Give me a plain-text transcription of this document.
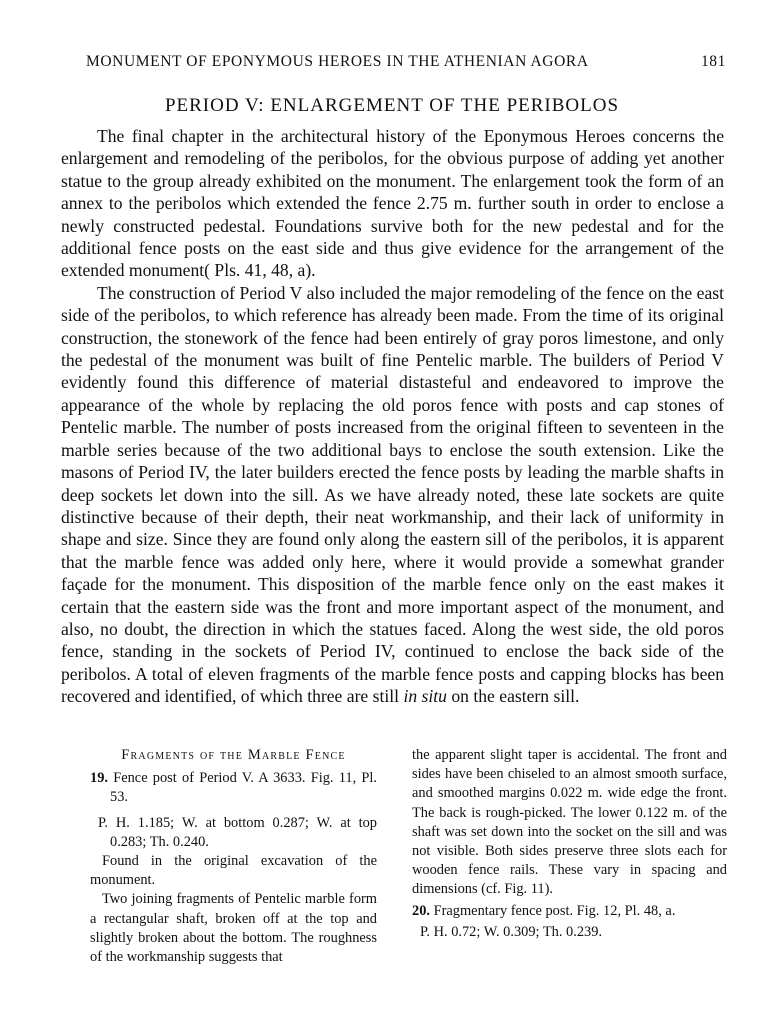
MONUMENT OF EPONYMOUS HEROES IN THE ATHENIAN AGORA	181
PERIOD V: ENLARGEMENT OF THE PERIBOLOS

The final chapter in the architectural history of the Eponymous Heroes concerns the enlargement and remodeling of the peribolos, for the obvious purpose of adding yet another statue to the group already exhibited on the monument. The enlargement took the form of an annex to the peribolos which extended the fence 2.75 m. further south in order to enclose a newly constructed pedestal. Foundations survive both for the new pedestal and for the additional fence posts on the east side and thus give evidence for the arrangement of the extended monument( Pls. 41, 48, a).

The construction of Period V also included the major remodeling of the fence on the east side of the peribolos, to which reference has already been made. From the time of its original construction, the stonework of the fence had been entirely of gray poros limestone, and only the pedestal of the monument was built of fine Pentelic marble. The builders of Period V evidently found this difference of material distasteful and endeavored to improve the appearance of the whole by replacing the old poros fence with posts and cap stones of Pentelic marble. The number of posts increased from the original fifteen to seventeen in the marble series because of the two additional bays to enclose the south extension. Like the masons of Period IV, the later builders erected the fence posts by leading the marble shafts in deep sockets let down into the sill. As we have already noted, these late sockets are quite distinctive because of their depth, their neat workmanship, and their lack of uniformity in shape and size. Since they are found only along the eastern sill of the peribolos, it is apparent that the marble fence was added only here, where it would provide a somewhat grander façade for the monument. This disposition of the marble fence only on the east makes it certain that the eastern side was the front and more important aspect of the monument, and also, no doubt, the direction in which the statues faced. Along the west side, the old poros fence, standing in the sockets of Period IV, continued to enclose the back side of the peribolos. A total of eleven fragments of the marble fence posts and capping blocks has been recovered and identified, of which three are still in situ on the eastern sill.

Fragments of the Marble Fence

19. Fence post of Period V. A 3633. Fig. 11, Pl. 53.

P. H. 1.185; W. at bottom 0.287; W. at top 0.283; Th. 0.240.

Found in the original excavation of the monument.

Two joining fragments of Pentelic marble form a rectangular shaft, broken off at the top and slightly broken about the bottom. The roughness of the workmanship suggests that

the apparent slight taper is accidental. The front and sides have been chiseled to an almost smooth surface, and smoothed margins 0.022 m. wide edge the front. The back is rough-picked. The lower 0.122 m. of the shaft was set down into the socket on the sill and was not visible. Both sides preserve three slots each for wooden fence rails. These vary in spacing and dimensions (cf. Fig. 11).

20. Fragmentary fence post. Fig. 12, Pl. 48, a.

P. H. 0.72; W. 0.309; Th. 0.239.
